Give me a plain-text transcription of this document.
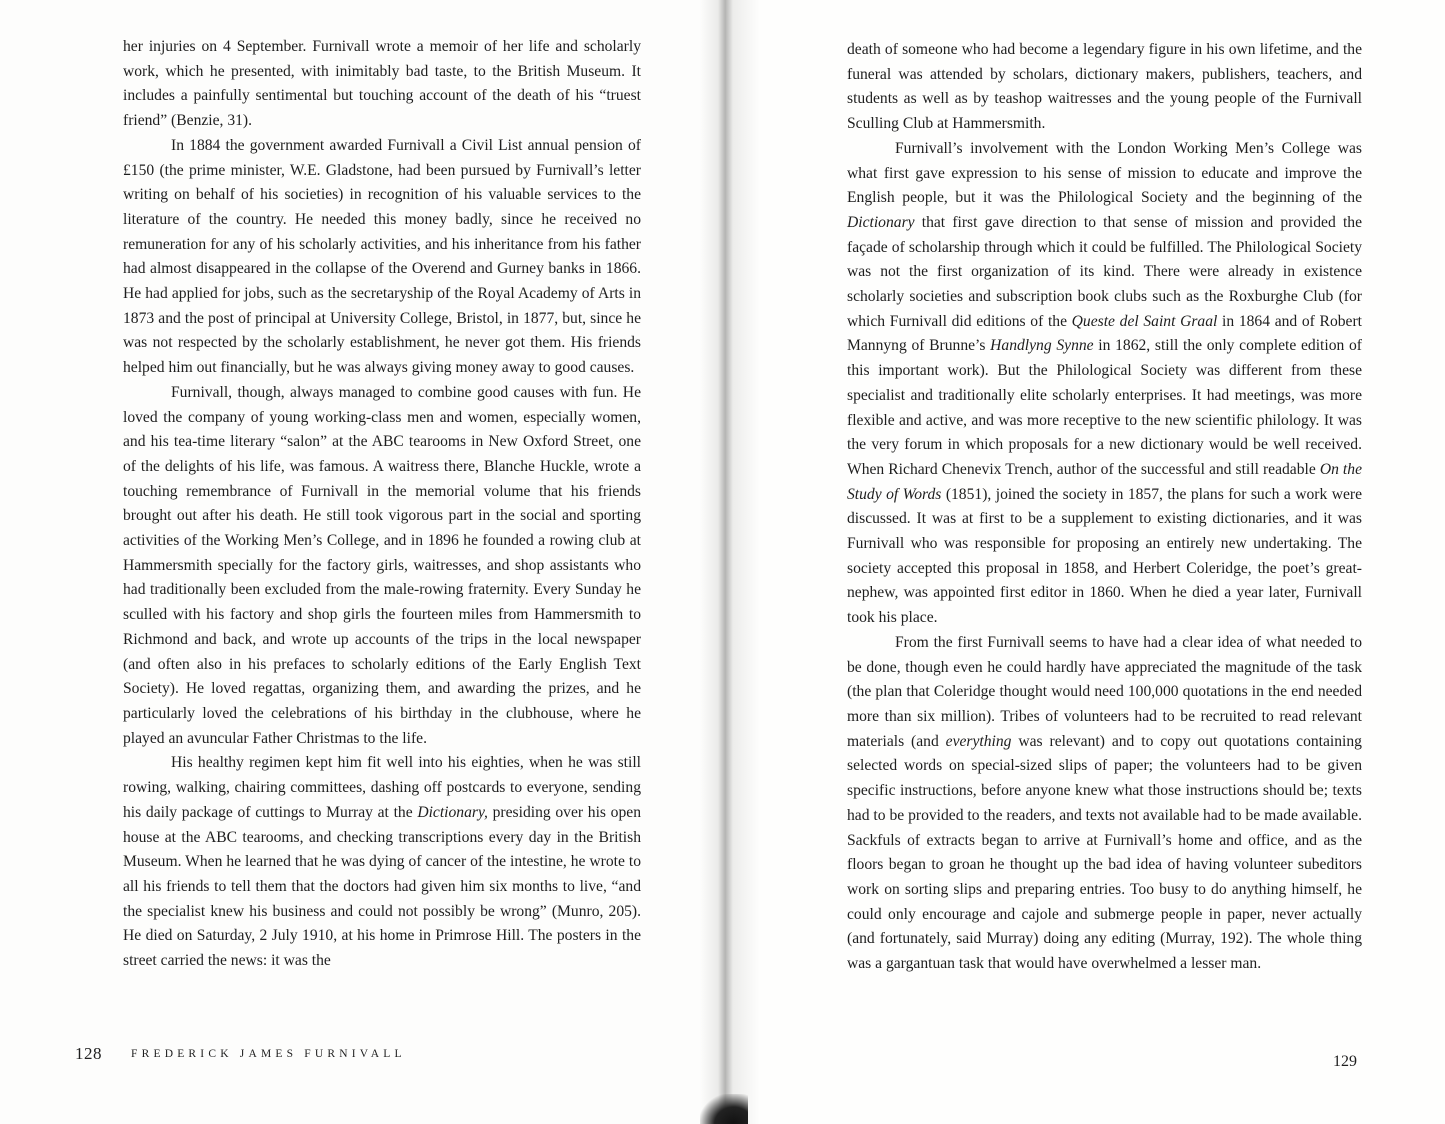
her injuries on 4 September. Furnivall wrote a memoir of her life and scholarly work, which he presented, with inimitably bad taste, to the British Museum. It includes a painfully sentimental but touching account of the death of his “truest friend” (Benzie, 31).

In 1884 the government awarded Furnivall a Civil List annual pension of £150 (the prime minister, W.E. Gladstone, had been pursued by Furnivall’s letter writing on behalf of his societies) in recognition of his valuable services to the literature of the country. He needed this money badly, since he received no remuneration for any of his scholarly activities, and his inheritance from his father had almost disappeared in the collapse of the Overend and Gurney banks in 1866. He had applied for jobs, such as the secretaryship of the Royal Academy of Arts in 1873 and the post of principal at University College, Bristol, in 1877, but, since he was not respected by the scholarly establishment, he never got them. His friends helped him out financially, but he was always giving money away to good causes.

Furnivall, though, always managed to combine good causes with fun. He loved the company of young working-class men and women, especially women, and his tea-time literary “salon” at the ABC tearooms in New Oxford Street, one of the delights of his life, was famous. A waitress there, Blanche Huckle, wrote a touching remembrance of Furnivall in the memorial volume that his friends brought out after his death. He still took vigorous part in the social and sporting activities of the Working Men’s College, and in 1896 he founded a rowing club at Hammersmith specially for the factory girls, waitresses, and shop assistants who had traditionally been excluded from the male-rowing fraternity. Every Sunday he sculled with his factory and shop girls the fourteen miles from Hammersmith to Richmond and back, and wrote up accounts of the trips in the local newspaper (and often also in his prefaces to scholarly editions of the Early English Text Society). He loved regattas, organizing them, and awarding the prizes, and he particularly loved the celebrations of his birthday in the clubhouse, where he played an avuncular Father Christmas to the life.

His healthy regimen kept him fit well into his eighties, when he was still rowing, walking, chairing committees, dashing off postcards to everyone, sending his daily package of cuttings to Murray at the Dictionary, presiding over his open house at the ABC tearooms, and checking transcriptions every day in the British Museum. When he learned that he was dying of cancer of the intestine, he wrote to all his friends to tell them that the doctors had given him six months to live, “and the specialist knew his business and could not possibly be wrong” (Munro, 205). He died on Saturday, 2 July 1910, at his home in Primrose Hill. The posters in the street carried the news: it was the

128	FREDERICK JAMES FURNIVALL

death of someone who had become a legendary figure in his own lifetime, and the funeral was attended by scholars, dictionary makers, publishers, teachers, and students as well as by teashop waitresses and the young people of the Furnivall Sculling Club at Hammersmith.

Furnivall’s involvement with the London Working Men’s College was what first gave expression to his sense of mission to educate and improve the English people, but it was the Philological Society and the beginning of the Dictionary that first gave direction to that sense of mission and provided the façade of scholarship through which it could be fulfilled. The Philological Society was not the first organization of its kind. There were already in existence scholarly societies and subscription book clubs such as the Roxburghe Club (for which Furnivall did editions of the Queste del Saint Graal in 1864 and of Robert Mannyng of Brunne’s Handlyng Synne in 1862, still the only complete edition of this important work). But the Philological Society was different from these specialist and traditionally elite scholarly enterprises. It had meetings, was more flexible and active, and was more receptive to the new scientific philology. It was the very forum in which proposals for a new dictionary would be well received. When Richard Chenevix Trench, author of the successful and still readable On the Study of Words (1851), joined the society in 1857, the plans for such a work were discussed. It was at first to be a supplement to existing dictionaries, and it was Furnivall who was responsible for proposing an entirely new undertaking. The society accepted this proposal in 1858, and Herbert Coleridge, the poet’s great-nephew, was appointed first editor in 1860. When he died a year later, Furnivall took his place.

From the first Furnivall seems to have had a clear idea of what needed to be done, though even he could hardly have appreciated the magnitude of the task (the plan that Coleridge thought would need 100,000 quotations in the end needed more than six million). Tribes of volunteers had to be recruited to read relevant materials (and everything was relevant) and to copy out quotations containing selected words on special-sized slips of paper; the volunteers had to be given specific instructions, before anyone knew what those instructions should be; texts had to be provided to the readers, and texts not available had to be made available. Sackfuls of extracts began to arrive at Furnivall’s home and office, and as the floors began to groan he thought up the bad idea of having volunteer subeditors work on sorting slips and preparing entries. Too busy to do anything himself, he could only encourage and cajole and submerge people in paper, never actually (and fortunately, said Murray) doing any editing (Murray, 192). The whole thing was a gargantuan task that would have overwhelmed a lesser man.

129
